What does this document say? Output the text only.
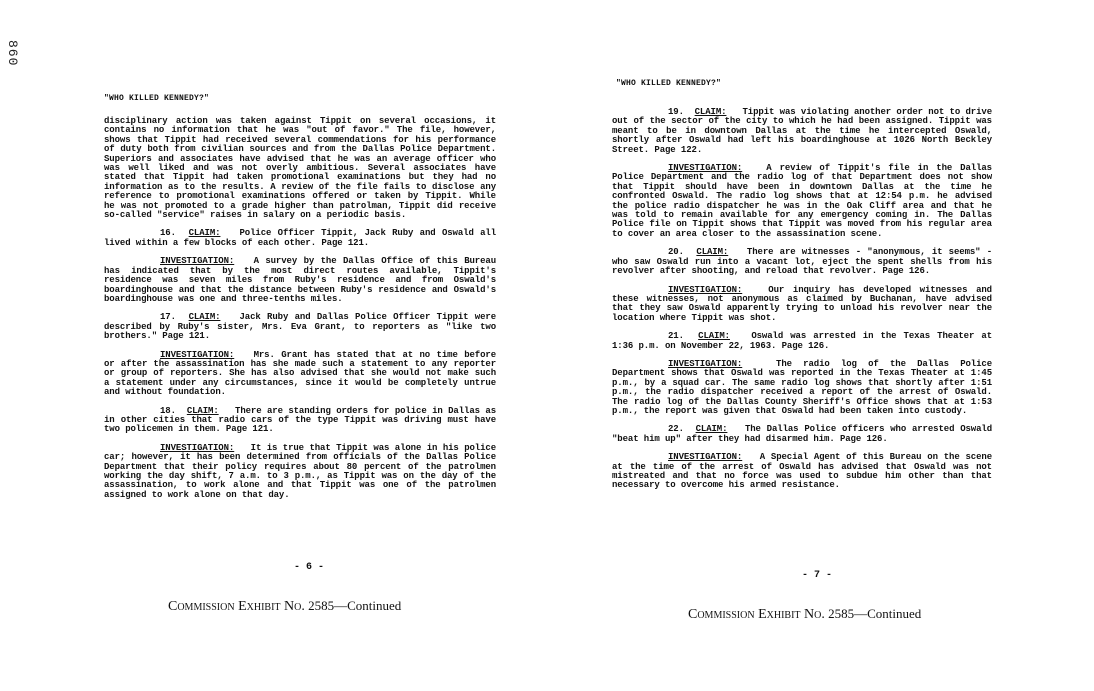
860
"WHO KILLED KENNEDY?"

disciplinary action was taken against Tippit on several occasions, it contains no information that he was "out of favor." The file, however, shows that Tippit had received several commendations for his performance of duty both from civilian sources and from the Dallas Police Department. Superiors and associates have advised that he was an average officer who was well liked and was not overly ambitious. Several associates have stated that Tippit had taken promotional examinations but they had no information as to the results. A review of the file fails to disclose any reference to promotional examinations offered or taken by Tippit. While he was not promoted to a grade higher than patrolman, Tippit did receive so-called "service" raises in salary on a periodic basis.

16. CLAIM: Police Officer Tippit, Jack Ruby and Oswald all lived within a few blocks of each other. Page 121.

INVESTIGATION: A survey by the Dallas Office of this Bureau has indicated that by the most direct routes available, Tippit's residence was seven miles from Ruby's residence and from Oswald's boardinghouse and that the distance between Ruby's residence and Oswald's boardinghouse was one and three-tenths miles.

17. CLAIM: Jack Ruby and Dallas Police Officer Tippit were described by Ruby's sister, Mrs. Eva Grant, to reporters as "like two brothers." Page 121.

INVESTIGATION: Mrs. Grant has stated that at no time before or after the assassination has she made such a statement to any reporter or group of reporters. She has also advised that she would not make such a statement under any circumstances, since it would be completely untrue and without foundation.

18. CLAIM: There are standing orders for police in Dallas as in other cities that radio cars of the type Tippit was driving must have two policemen in them. Page 121.

INVESTIGATION: It is true that Tippit was alone in his police car; however, it has been determined from officials of the Dallas Police Department that their policy requires about 80 percent of the patrolmen working the day shift, 7 a.m. to 3 p.m., as Tippit was on the day of the assassination, to work alone and that Tippit was one of the patrolmen assigned to work alone on that day.

- 6 -
Commission Exhibit No. 2585—Continued
"WHO KILLED KENNEDY?"

19. CLAIM: Tippit was violating another order not to drive out of the sector of the city to which he had been assigned. Tippit was meant to be in downtown Dallas at the time he intercepted Oswald, shortly after Oswald had left his boardinghouse at 1026 North Beckley Street. Page 122.

INVESTIGATION:	A review of Tippit's file in the Dallas Police Department and the radio log of that Department does not show that Tippit should have been in downtown Dallas at the time he confronted Oswald. The radio log shows that at 12:54 p.m. he advised the police radio dispatcher he was in the Oak Cliff area and that he was told to remain available for any emergency coming in. The Dallas Police file on Tippit shows that Tippit was moved from his regular area to cover an area closer to the assassination scene.

20. CLAIM: There are witnesses - "anonymous, it seems" - who saw Oswald run into a vacant lot, eject the spent shells from his revolver after shooting, and reload that revolver. Page 126.

INVESTIGATION:	Our inquiry has developed witnesses and these witnesses, not anonymous as claimed by Buchanan, have advised that they saw Oswald apparently trying to unload his revolver near the location where Tippit was shot.

21. CLAIM: Oswald was arrested in the Texas Theater at 1:36 p.m. on November 22, 1963. Page 126.

INVESTIGATION:	The radio log of the Dallas Police Department shows that Oswald was reported in the Texas Theater at 1:45 p.m., by a squad car. The same radio log shows that shortly after 1:51 p.m., the radio dispatcher received a report of the arrest of Oswald. The radio log of the Dallas County Sheriff's Office shows that at 1:53 p.m., the report was given that Oswald had been taken into custody.

22. CLAIM: The Dallas Police officers who arrested Oswald "beat him up" after they had disarmed him. Page 126.

INVESTIGATION: A Special Agent of this Bureau on the scene at the time of the arrest of Oswald has advised that Oswald was not mistreated and that no force was used to subdue him other than that necessary to overcome his armed resistance.

- 7 -
Commission Exhibit No. 2585—Continued
